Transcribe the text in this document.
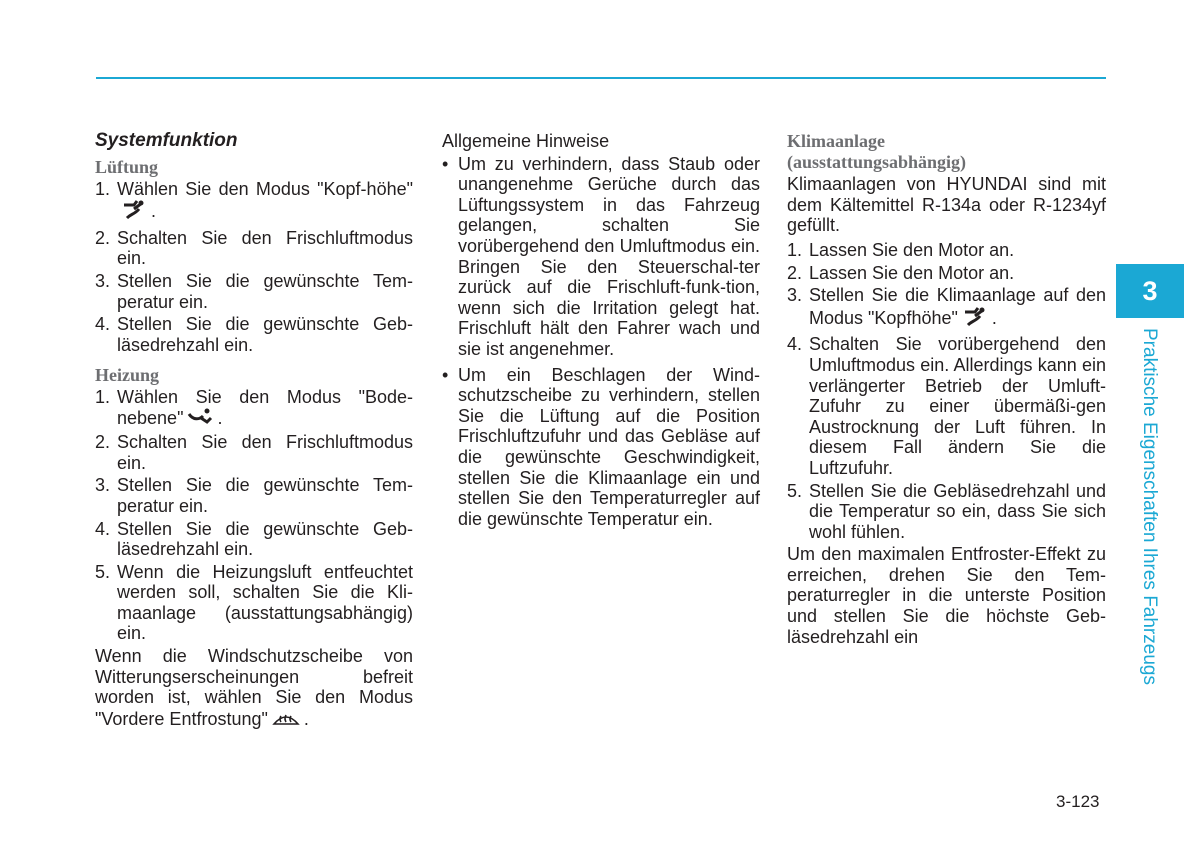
Systemfunktion
Lüftung
1. Wählen Sie den Modus "Kopf-höhe".
2. Schalten Sie den Frischluftmodus ein.
3. Stellen Sie die gewünschte Tem-peratur ein.
4. Stellen Sie die gewünschte Geb-läsedrehzahl ein.
Heizung
1. Wählen Sie den Modus "Bode-nebene" .
2. Schalten Sie den Frischluftmodus ein.
3. Stellen Sie die gewünschte Tem-peratur ein.
4. Stellen Sie die gewünschte Geb-läsedrehzahl ein.
5. Wenn die Heizungsluft entfeuchtet werden soll, schalten Sie die Kli-maanlage (ausstattungsabhängig) ein.

Wenn die Windschutzscheibe von Witterungserscheinungen befreit worden ist, wählen Sie den Modus "Vordere Entfrostung" .

Allgemeine Hinweise

• Um zu verhindern, dass Staub oder unangenehme Gerüche durch das Lüftungssystem in das Fahrzeug gelangen, schalten Sie vorübergehend den Umluftmodus ein. Bringen Sie den Steuerschal-ter zurück auf die Frischluft-funk-tion, wenn sich die Irritation gelegt hat. Frischluft hält den Fahrer wach und sie ist angenehmer.
• Um ein Beschlagen der Wind-schutzscheibe zu verhindern, stellen Sie die Lüftung auf die Position Frischluftzufuhr und das Gebläse auf die gewünschte Geschwindigkeit, stellen Sie die Klimaanlage ein und stellen Sie den Temperaturregler auf die gewünschte Temperatur ein.
Klimaanlage
(ausstattungsabhängig)

Klimaanlagen von HYUNDAI sind mit dem Kältemittel R-134a oder R-1234yf gefüllt.

1. Lassen Sie den Motor an.
2. Lassen Sie den Motor an.
3. Stellen Sie die Klimaanlage auf den Modus "Kopfhöhe" .
4. Schalten Sie vorübergehend den Umluftmodus ein. Allerdings kann ein verlängerter Betrieb der Umluft-Zufuhr zu einer übermäßi-gen Austrocknung der Luft führen. In diesem Fall ändern Sie die Luftzufuhr.
5. Stellen Sie die Gebläsedrehzahl und die Temperatur so ein, dass Sie sich wohl fühlen.

Um den maximalen Entfroster-Effekt zu erreichen, drehen Sie den Tem-peraturregler in die unterste Position und stellen Sie die höchste Geb-läsedrehzahl ein

3
Praktische Eigenschaften Ihres Fahrzeugs
3-123
